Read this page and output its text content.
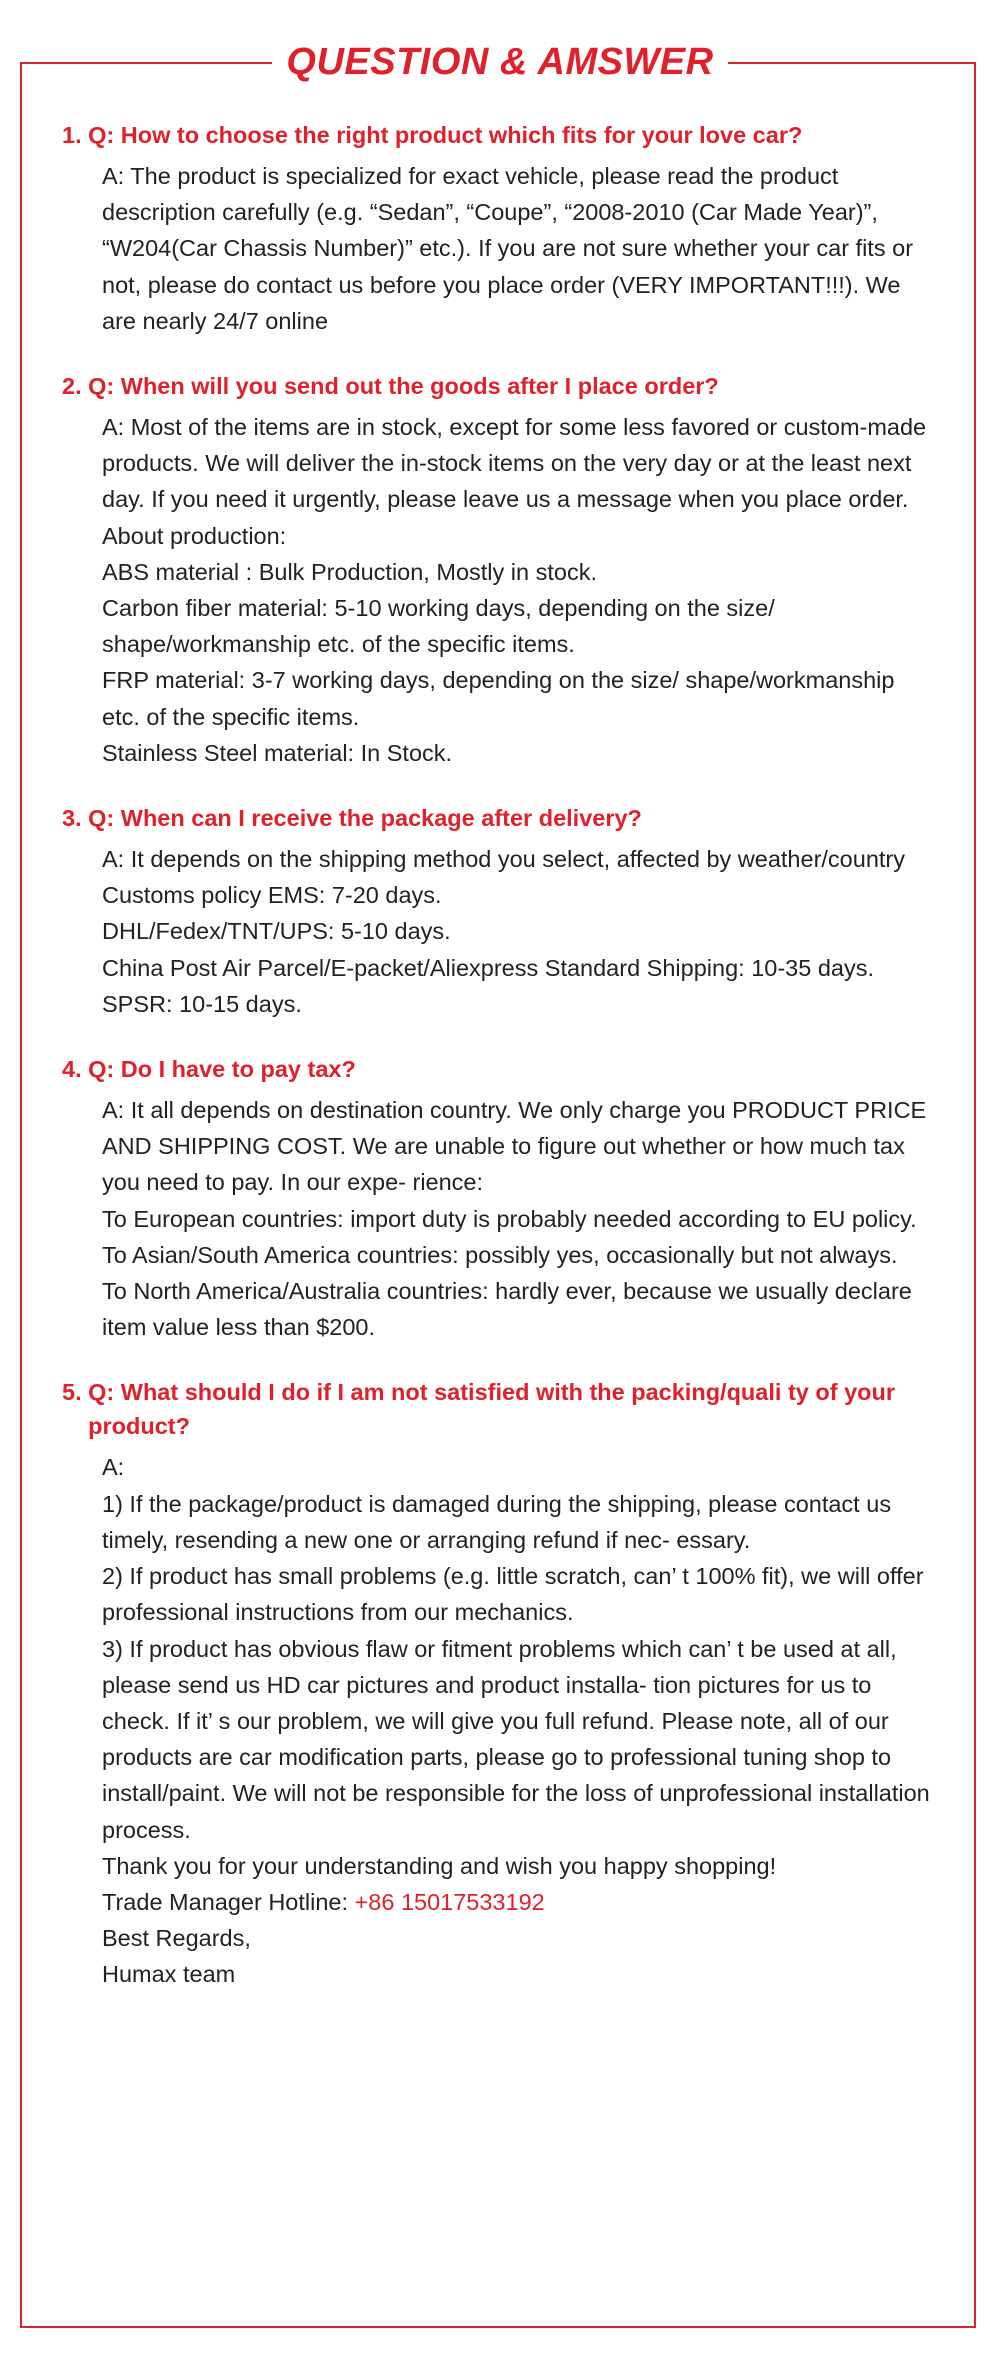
QUESTION & AMSWER
1. Q: How to choose the right product which fits for your love car?
A: The product is specialized for exact vehicle, please read the product description carefully (e.g. “Sedan”, “Coupe”, “2008-2010 (Car Made Year)”, “W204(Car Chassis Number)” etc.). If you are not sure whether your car fits or not, please do contact us before you place order (VERY IMPORTANT!!!). We are nearly 24/7 online
2. Q: When will you send out the goods after I place order?
A: Most of the items are in stock, except for some less favored or custom-made products. We will deliver the in-stock items on the very day or at the least next day. If you need it urgently, please leave us a message when you place order.
About production:
ABS material : Bulk Production, Mostly in stock.
Carbon fiber material: 5-10 working days, depending on the size/ shape/workmanship etc. of the specific items.
FRP material: 3-7 working days, depending on the size/ shape/workmanship etc. of the specific items.
Stainless Steel material: In Stock.
3. Q: When can I receive the package after delivery?
A: It depends on the shipping method you select, affected by weather/country Customs policy EMS: 7-20 days.
DHL/Fedex/TNT/UPS: 5-10 days.
China Post Air Parcel/E-packet/Aliexpress Standard Shipping: 10-35 days.
SPSR: 10-15 days.
4. Q: Do I have to pay tax?
A: It all depends on destination country. We only charge you PRODUCT PRICE AND SHIPPING COST. We are unable to figure out whether or how much tax you need to pay. In our expe- rience:
To European countries: import duty is probably needed according to EU policy.
To Asian/South America countries: possibly yes, occasionally but not always.
To North America/Australia countries: hardly ever, because we usually declare item value less than $200.
5. Q: What should I do if I am not satisfied with the packing/quali ty of your product?
A:
1) If the package/product is damaged during the shipping, please contact us timely, resending a new one or arranging refund if nec- essary.
2) If product has small problems (e.g. little scratch, can’ t 100% fit), we will offer professional instructions from our mechanics.
3) If product has obvious flaw or fitment problems which can’ t be used at all, please send us HD car pictures and product installa- tion pictures for us to check. If it’ s our problem, we will give you full refund. Please note, all of our products are car modification parts, please go to professional tuning shop to install/paint. We will not be responsible for the loss of unprofessional installation process.
Thank you for your understanding and wish you happy shopping!
Trade Manager Hotline: +86 15017533192
Best Regards,
Humax team
